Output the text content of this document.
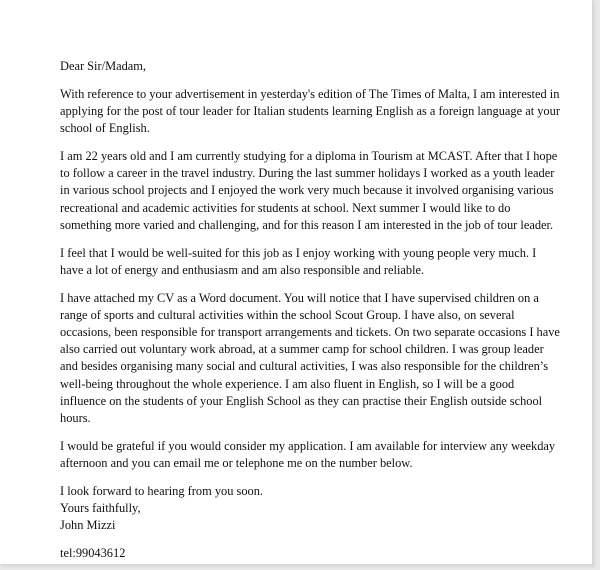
Dear Sir/Madam,

With reference to your advertisement in yesterday's edition of The Times of Malta, I am interested in applying for the post of tour leader for Italian students learning English as a foreign language at your school of English.

I am 22 years old and I am currently studying for a diploma in Tourism at MCAST. After that I hope to follow a career in the travel industry. During the last summer holidays I worked as a youth leader in various school projects and I enjoyed the work very much because it involved organising various recreational and academic activities for students at school. Next summer I would like to do something more varied and challenging, and for this reason I am interested in the job of tour leader.

I feel that I would be well-suited for this job as I enjoy working with young people very much. I have a lot of energy and enthusiasm and am also responsible and reliable.

I have attached my CV as a Word document. You will notice that I have supervised children on a range of sports and cultural activities within the school Scout Group. I have also, on several occasions, been responsible for transport arrangements and tickets. On two separate occasions I have also carried out voluntary work abroad, at a summer camp for school children. I was group leader and besides organising many social and cultural activities, I was also responsible for the children’s well-being throughout the whole experience. I am also fluent in English, so I will be a good influence on the students of your English School as they can practise their English outside school hours.

I would be grateful if you would consider my application. I am available for interview any weekday afternoon and you can email me or telephone me on the number below.

I look forward to hearing from you soon.
Yours faithfully,
John Mizzi

tel:99043612
